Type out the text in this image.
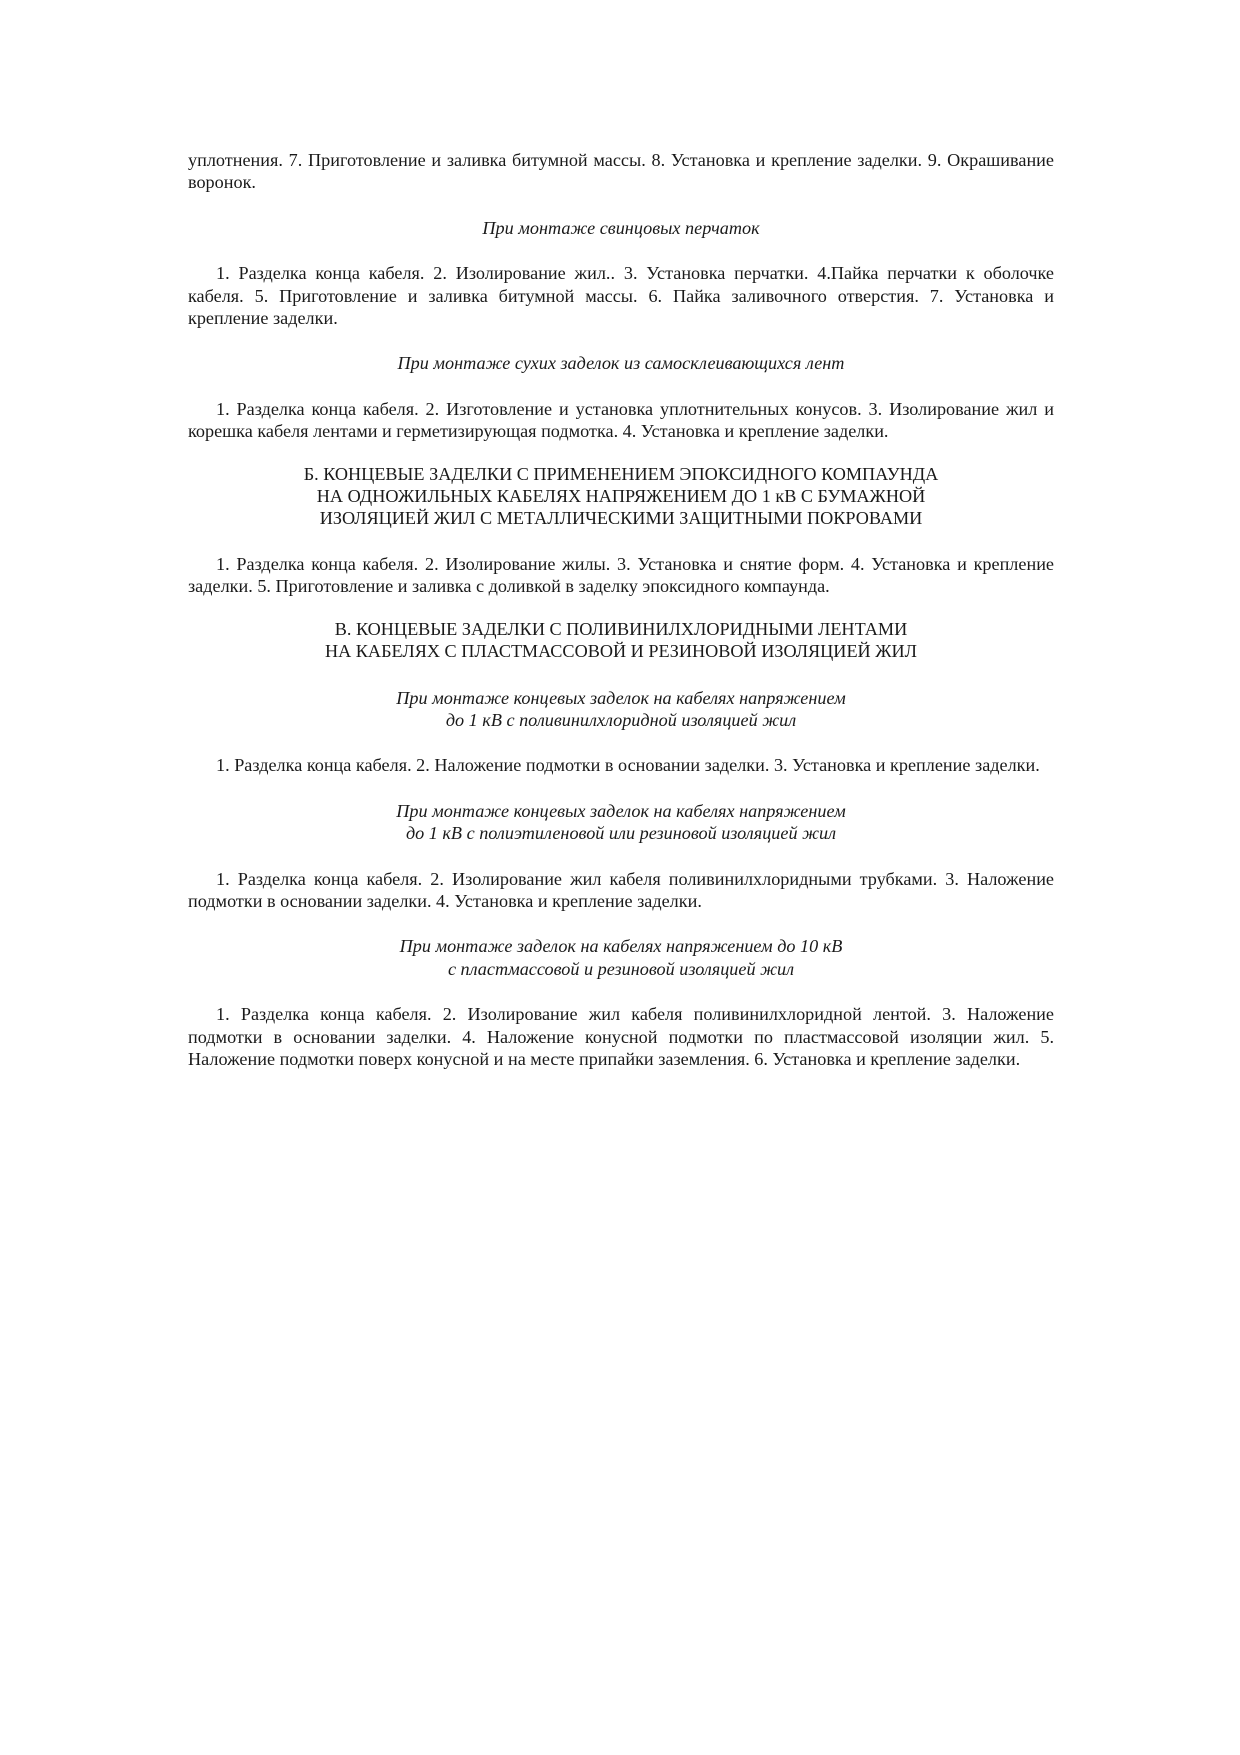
уплотнения. 7. Приготовление и заливка битумной массы. 8. Установка и крепление заделки. 9. Окрашивание воронок.

При монтаже свинцовых перчаток

1. Разделка конца кабеля. 2. Изолирование жил.. 3. Установка перчатки. 4.Пайка перчатки к оболочке кабеля. 5. Приготовление и заливка битумной массы. 6. Пайка заливочного отверстия. 7. Установка и крепление заделки.

При монтаже сухих заделок из самосклеивающихся лент

1. Разделка конца кабеля. 2. Изготовление и установка уплотнительных конусов. 3. Изолирование жил и корешка кабеля лентами и герметизирующая подмотка. 4. Установка и крепление заделки.

Б. КОНЦЕВЫЕ ЗАДЕЛКИ С ПРИМЕНЕНИЕМ ЭПОКСИДНОГО КОМПАУНДА
НА ОДНОЖИЛЬНЫХ КАБЕЛЯХ НАПРЯЖЕНИЕМ ДО 1 кВ С БУМАЖНОЙ
ИЗОЛЯЦИЕЙ ЖИЛ С МЕТАЛЛИЧЕСКИМИ ЗАЩИТНЫМИ ПОКРОВАМИ

1. Разделка конца кабеля. 2. Изолирование жилы. 3. Установка и снятие форм. 4. Установка и крепление заделки. 5. Приготовление и заливка с доливкой в заделку эпоксидного компаунда.

В. КОНЦЕВЫЕ ЗАДЕЛКИ С ПОЛИВИНИЛХЛОРИДНЫМИ ЛЕНТАМИ
НА КАБЕЛЯХ С ПЛАСТМАССОВОЙ И РЕЗИНОВОЙ ИЗОЛЯЦИЕЙ ЖИЛ

При монтаже концевых заделок на кабелях напряжением
до 1 кВ с поливинилхлоридной изоляцией жил

1. Разделка конца кабеля. 2. Наложение подмотки в основании заделки. 3. Установка и крепление заделки.

При монтаже концевых заделок на кабелях напряжением
до 1 кВ с полиэтиленовой или резиновой изоляцией жил

1. Разделка конца кабеля. 2. Изолирование жил кабеля поливинилхлоридными трубками. 3. Наложение подмотки в основании заделки. 4. Установка и крепление заделки.

При монтаже заделок на кабелях напряжением до 10 кВ
с пластмассовой и резиновой изоляцией жил

1. Разделка конца кабеля. 2. Изолирование жил кабеля поливинилхлоридной лентой. 3. Наложение подмотки в основании заделки. 4. Наложение конусной подмотки по пластмассовой изоляции жил. 5. Наложение подмотки поверх конусной и на месте припайки заземления. 6. Установка и крепление заделки.
